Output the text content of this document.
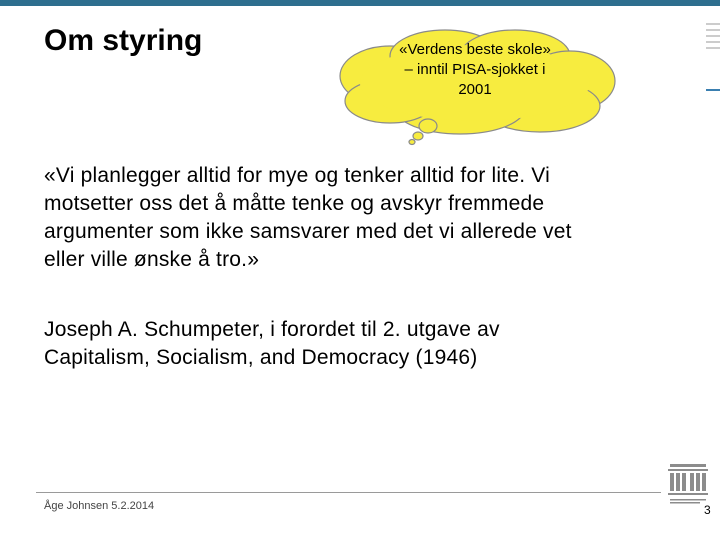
Om styring	«Verdens beste skole»
– inntil PISA-sjokket i
2001
«Vi planlegger alltid for mye og tenker alltid for lite. Vi
motsetter oss det å måtte tenke og avskyr fremmede
argumenter som ikke samsvarer med det vi allerede vet
eller ville ønske å tro.»
Joseph A. Schumpeter, i forordet til 2. utgave av
Capitalism, Socialism, and Democracy (1946)
Åge Johnsen 5.2.2014	3
